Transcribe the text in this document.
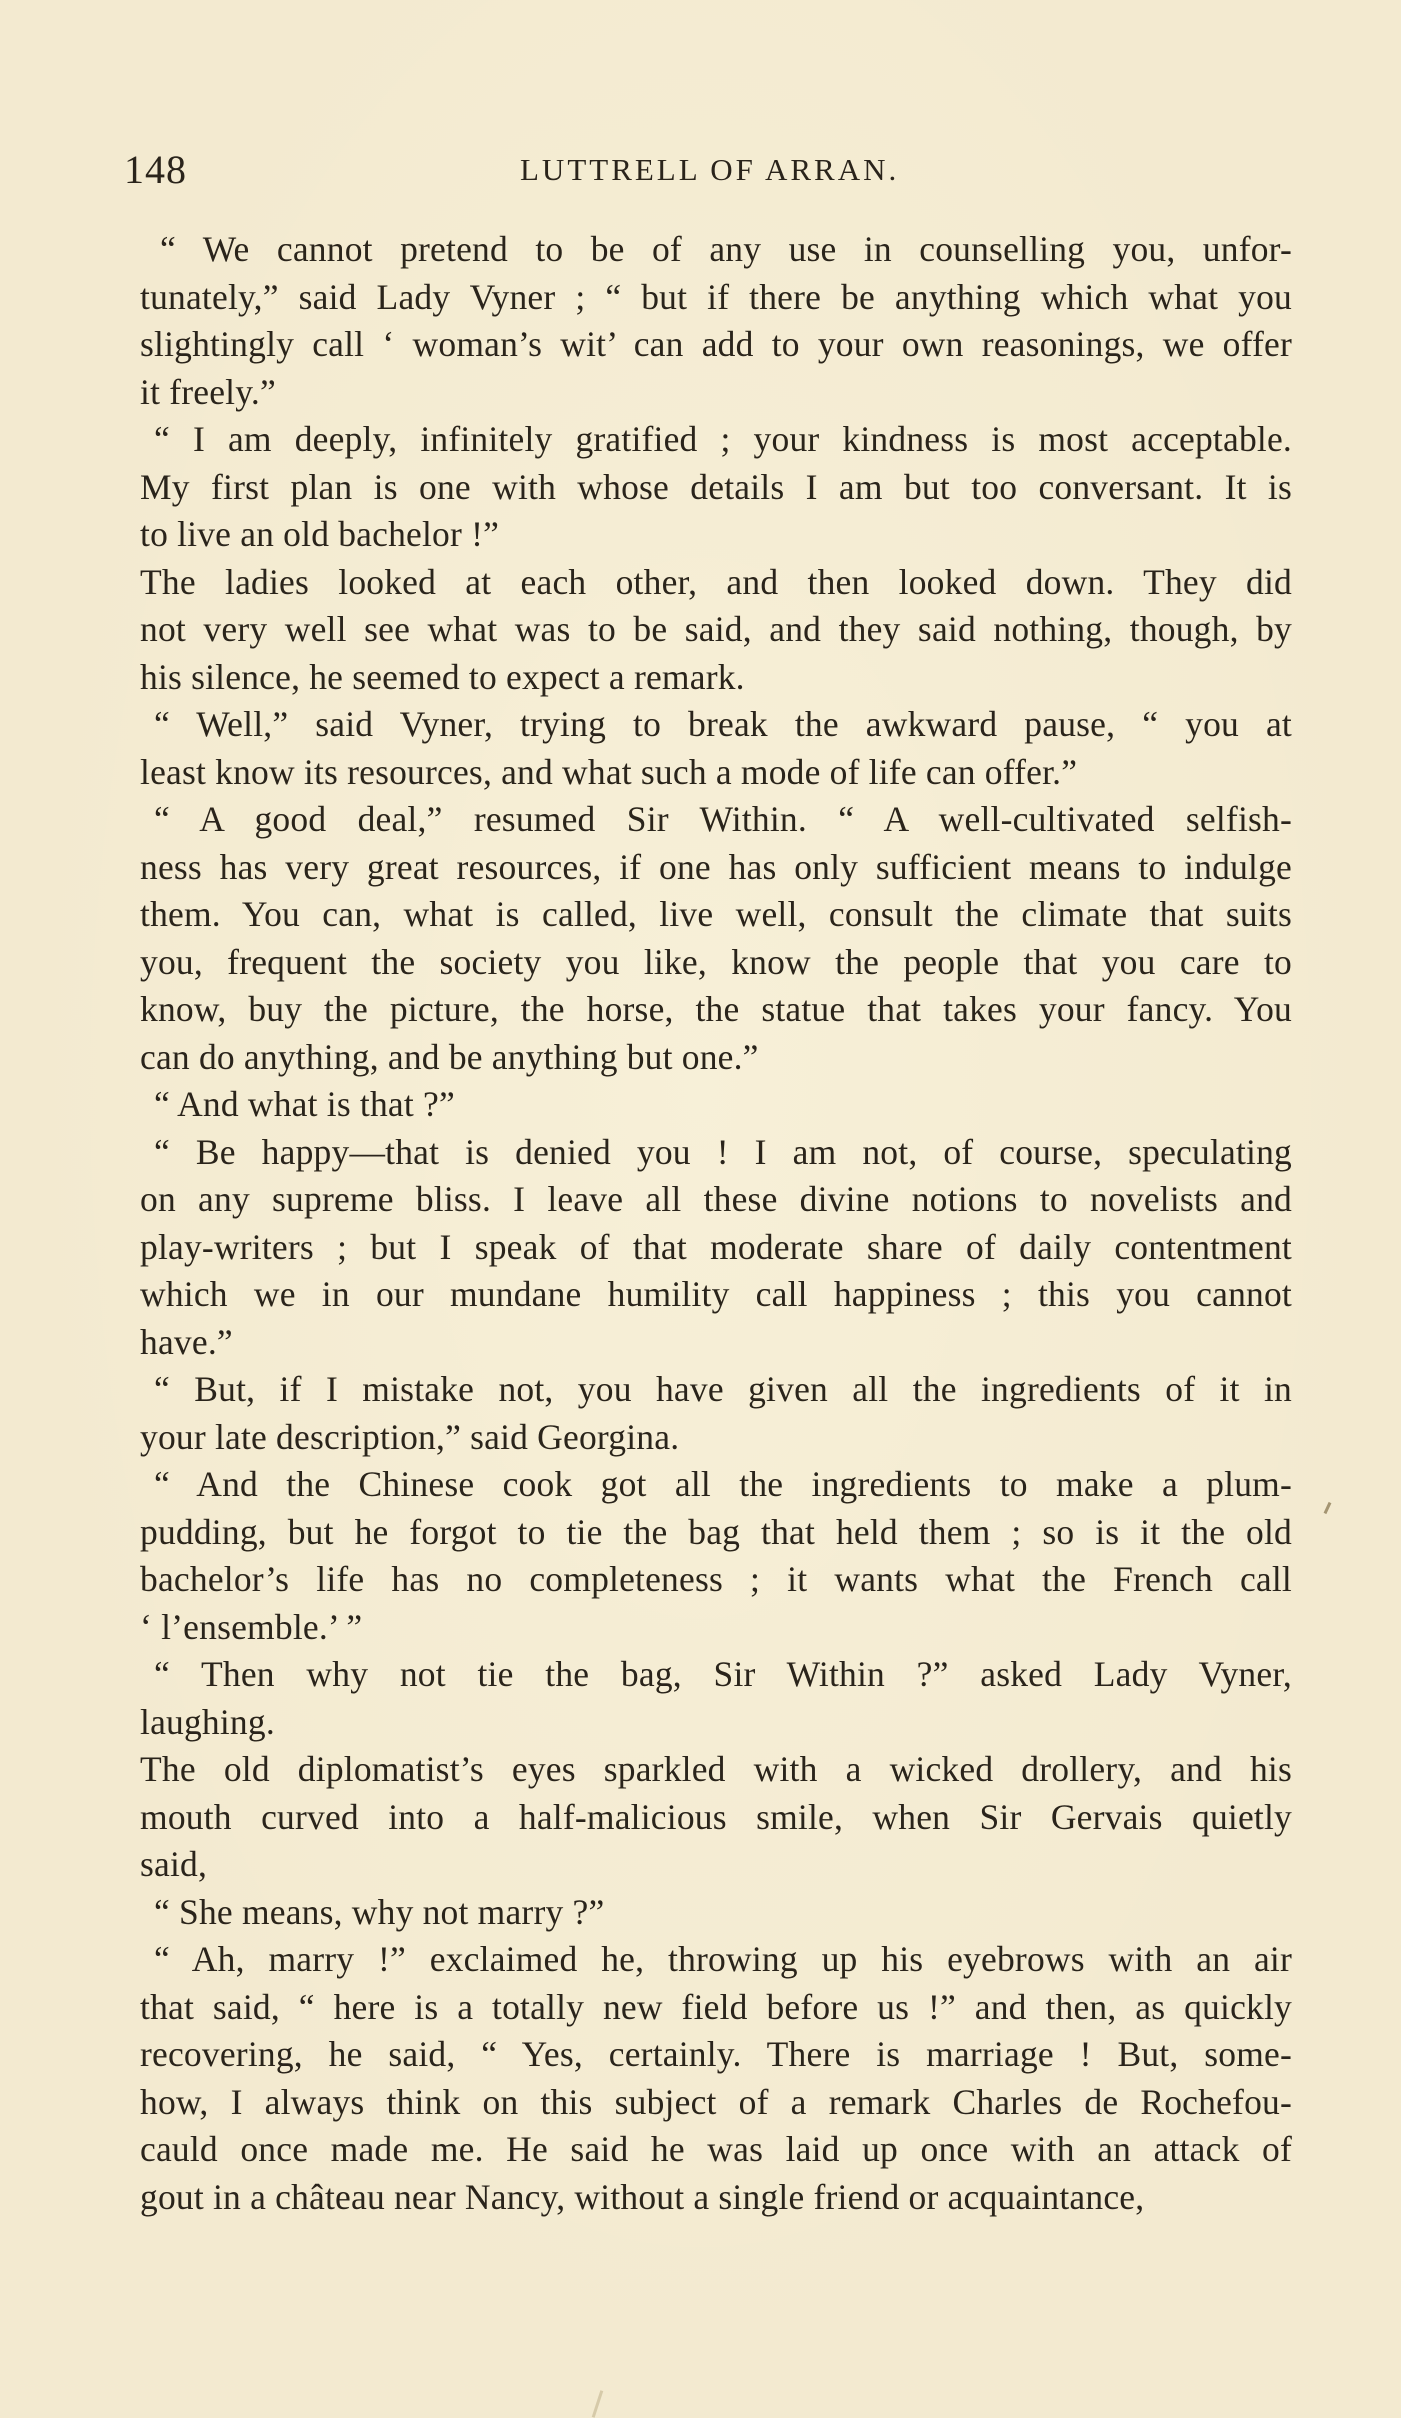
148	LUTTRELL OF ARRAN.
“ We cannot pretend to be of any use in counselling you, unfor-
tunately,” said Lady Vyner ; “ but if there be anything which what you
slightingly call ‘ woman’s wit’ can add to your own reasonings, we offer
it freely.”
“ I am deeply, infinitely gratified ; your kindness is most acceptable.
My first plan is one with whose details I am but too conversant. It is
to live an old bachelor !”
The ladies looked at each other, and then looked down. They did
not very well see what was to be said, and they said nothing, though, by
his silence, he seemed to expect a remark.
“ Well,” said Vyner, trying to break the awkward pause, “ you at
least know its resources, and what such a mode of life can offer.”
“ A good deal,” resumed Sir Within. “ A well-cultivated selfish-
ness has very great resources, if one has only sufficient means to indulge
them. You can, what is called, live well, consult the climate that suits
you, frequent the society you like, know the people that you care to
know, buy the picture, the horse, the statue that takes your fancy. You
can do anything, and be anything but one.”
“ And what is that ?”
“ Be happy—that is denied you ! I am not, of course, speculating
on any supreme bliss. I leave all these divine notions to novelists and
play-writers ; but I speak of that moderate share of daily contentment
which we in our mundane humility call happiness ; this you cannot
have.”
“ But, if I mistake not, you have given all the ingredients of it in
your late description,” said Georgina.
“ And the Chinese cook got all the ingredients to make a plum-
pudding, but he forgot to tie the bag that held them ; so is it the old
bachelor’s life has no completeness ; it wants what the French call
‘ l’ensemble.’ ”
“ Then why not tie the bag, Sir Within ?” asked Lady Vyner,
laughing.
The old diplomatist’s eyes sparkled with a wicked drollery, and his
mouth curved into a half-malicious smile, when Sir Gervais quietly
said,
“ She means, why not marry ?”
“ Ah, marry !” exclaimed he, throwing up his eyebrows with an air
that said, “ here is a totally new field before us !” and then, as quickly
recovering, he said, “ Yes, certainly. There is marriage ! But, some-
how, I always think on this subject of a remark Charles de Rochefou-
cauld once made me. He said he was laid up once with an attack of
gout in a château near Nancy, without a single friend or acquaintance,
